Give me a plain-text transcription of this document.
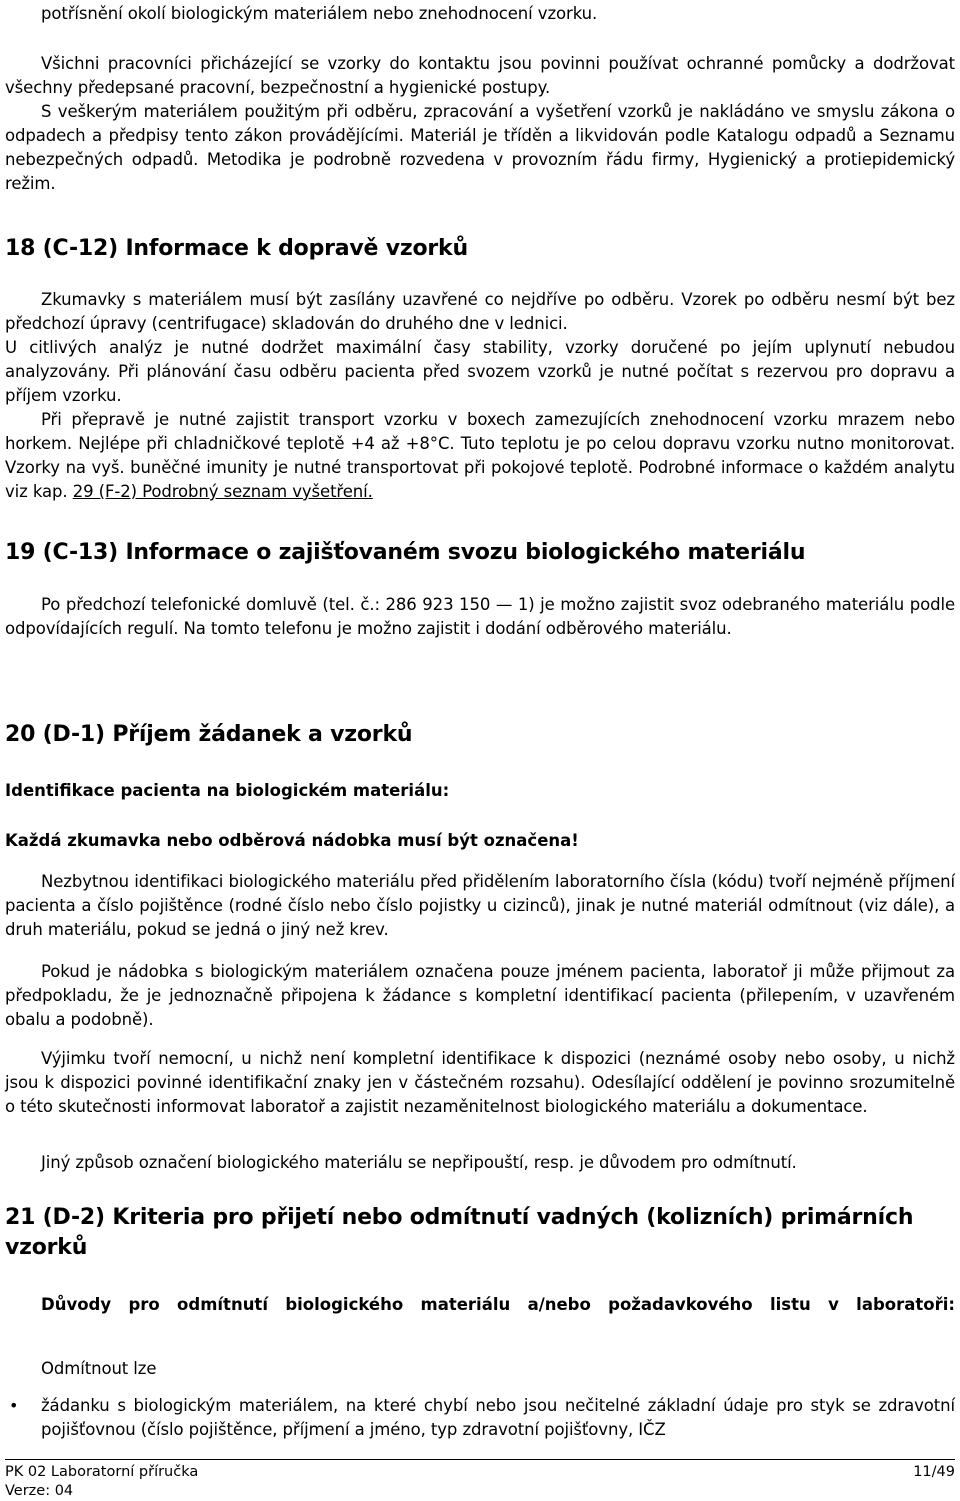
potřísnění okolí biologickým materiálem nebo znehodnocení vzorku.

Všichni pracovníci přicházející se vzorky do kontaktu jsou povinni používat ochranné pomůcky a dodržovat všechny předepsané pracovní, bezpečnostní a hygienické postupy.

S veškerým materiálem použitým při odběru, zpracování a vyšetření vzorků je nakládáno ve smyslu zákona o odpadech a předpisy tento zákon provádějícími. Materiál je tříděn a likvidován podle Katalogu odpadů a Seznamu nebezpečných odpadů. Metodika je podrobně rozvedena v provozním řádu firmy, Hygienický a protiepidemický režim.

18 (C-12) Informace k dopravě vzorků

Zkumavky s materiálem musí být zasílány uzavřené co nejdříve po odběru. Vzorek po odběru nesmí být bez předchozí úpravy (centrifugace) skladován do druhého dne v lednici.

U citlivých analýz je nutné dodržet maximální časy stability, vzorky doručené po jejím uplynutí nebudou analyzovány. Při plánování času odběru pacienta před svozem vzorků je nutné počítat s rezervou pro dopravu a příjem vzorku.

Při přepravě je nutné zajistit transport vzorku v boxech zamezujících znehodnocení vzorku mrazem nebo horkem. Nejlépe při chladničkové teplotě +4 až +8°C. Tuto teplotu je po celou dopravu vzorku nutno monitorovat. Vzorky na vyš. buněčné imunity je nutné transportovat při pokojové teplotě. Podrobné informace o každém analytu viz kap. 29 (F-2) Podrobný seznam vyšetření.

19 (C-13) Informace o zajišťovaném svozu biologického materiálu

Po předchozí telefonické domluvě (tel. č.: 286 923 150 — 1) je možno zajistit svoz odebraného materiálu podle odpovídajících regulí. Na tomto telefonu je možno zajistit i dodání odběrového materiálu.

20 (D-1) Příjem žádanek a vzorků

Identifikace pacienta na biologickém materiálu:

Každá zkumavka nebo odběrová nádobka musí být označena!

Nezbytnou identifikaci biologického materiálu před přidělením laboratorního čísla (kódu) tvoří nejméně příjmení pacienta a číslo pojištěnce (rodné číslo nebo číslo pojistky u cizinců), jinak je nutné materiál odmítnout (viz dále), a druh materiálu, pokud se jedná o jiný než krev.

Pokud je nádobka s biologickým materiálem označena pouze jménem pacienta, laboratoř ji může přijmout za předpokladu, že je jednoznačně připojena k žádance s kompletní identifikací pacienta (přilepením, v uzavřeném obalu a podobně).

Výjimku tvoří nemocní, u nichž není kompletní identifikace k dispozici (neznámé osoby nebo osoby, u nichž jsou k dispozici povinné identifikační znaky jen v částečném rozsahu). Odesílající oddělení je povinno srozumitelně o této skutečnosti informovat laboratoř a zajistit nezaměnitelnost biologického materiálu a dokumentace.

Jiný způsob označení biologického materiálu se nepřipouští, resp. je důvodem pro odmítnutí.

21 (D-2) Kriteria pro přijetí nebo odmítnutí vadných (kolizních) primárních vzorků

Důvody pro odmítnutí biologického materiálu a/nebo požadavkového listu v laboratoři:

Odmítnout lze

• žádanku s biologickým materiálem, na které chybí nebo jsou nečitelné základní údaje pro styk se zdravotní pojišťovnou (číslo pojištěnce, příjmení a jméno, typ zdravotní pojišťovny, IČZ

PK 02 Laboratorní příručka
Verze: 04
11/49
